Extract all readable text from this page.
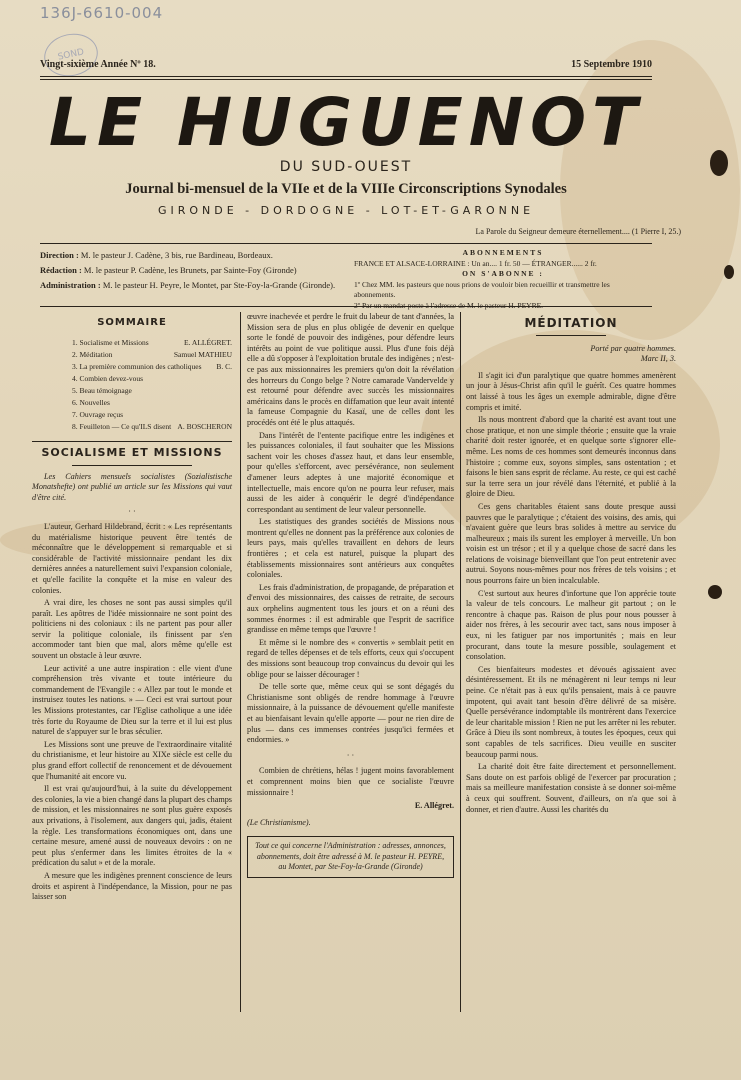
136J-6610-004
SOND
Vingt-sixième Année Nº 18.	15 Septembre 1910
LE HUGUENOT
DU SUD-OUEST
Journal bi-mensuel de la VIIe et de la VIIIe Circonscriptions Synodales
GIRONDE - DORDOGNE - LOT-ET-GARONNE
La Parole du Seigneur demeure éternellement.... (1 Pierre I, 25.)
Direction : M. le pasteur J. Cadène, 3 bis, rue Bardineau, Bordeaux.
Rédaction : M. le pasteur P. Cadène, les Brunets, par Sainte-Foy (Gironde)
Administration : M. le pasteur H. Peyre, le Montet, par Ste-Foy-la-Grande (Gironde).
ABONNEMENTS
FRANCE ET ALSACE-LORRAINE : Un an.... 1 fr. 50 — ÉTRANGER...... 2 fr.
ON S'ABONNE :
1º Chez MM. les pasteurs que nous prions de vouloir bien recueillir et transmettre les abonnements.
2º Par un mandat-poste à l'adresse de M. le pasteur H. PEYRE.
SOMMAIRE
1. Socialisme et Missions	E. ALLÉGRET.
2. Méditation	Samuel MATHIEU
3. La première communion des catholiques B. C.
4. Combien devez-vous
5. Beau témoignage
6. Nouvelles
7. Ouvrage reçus
8. Feuilleton — Ce qu'ILS disent A. BOSCHERON
SOCIALISME ET MISSIONS

Les Cahiers mensuels socialistes (Sozialistische Monatshefte) ont publié un article sur les Missions qui vaut d'être cité.

· ·

L'auteur, Gerhard Hildebrand, écrit : « Les représentants du matérialisme historique peuvent être tentés de méconnaître que le développement si remarquable et si considérable de l'activité missionnaire pendant les dix dernières années a naturellement suivi l'expansion coloniale, et qu'elle facilite la conquête et la mise en valeur des colonies.

A vrai dire, les choses ne sont pas aussi simples qu'il paraît. Les apôtres de l'idée missionnaire ne sont point des politiciens ni des coloniaux : ils ne partent pas pour aller servir la politique coloniale, ils finissent par s'en accommoder tant bien que mal, alors même qu'elle est souvent un obstacle à leur œuvre.

Leur activité a une autre inspiration : elle vient d'une compréhension très vivante et toute intérieure du commandement de l'Evangile : « Allez par tout le monde et instruisez toutes les nations. » — Ceci est vrai surtout pour les Missions protestantes, car l'Eglise catholique a une idée très forte du Royaume de Dieu sur la terre et il lui est plus naturel de s'appuyer sur le bras séculier.

Les Missions sont une preuve de l'extraordinaire vitalité du christianisme, et leur histoire au XIXe siècle est celle du plus grand effort collectif de renoncement et de dévouement que l'humanité ait encore vu.

Il est vrai qu'aujourd'hui, à la suite du développement des colonies, la vie a bien changé dans la plupart des champs de mission, et les missionnaires ne sont plus guère exposés aux privations, à l'isolement, aux dangers qui, jadis, étaient la règle. Les transformations économiques ont, dans une certaine mesure, amené aussi de nouveaux devoirs : on ne peut plus s'enfermer dans les limites étroites de la « prédication du salut » et de la morale.

A mesure que les indigènes prennent conscience de leurs droits et aspirent à l'indépendance, la Mission, pour ne pas laisser son

œuvre inachevée et perdre le fruit du labeur de tant d'années, la Mission sera de plus en plus obligée de devenir en quelque sorte le fondé de pouvoir des indigènes, pour défendre leurs intérêts au point de vue politique aussi. Plus d'une fois déjà elle a dû s'opposer à l'exploitation brutale des indigènes ; n'est-ce pas aux missionnaires les premiers qu'on doit la révélation des horreurs du Congo belge ? Notre camarade Vandervelde y est retourné pour défendre avec succès les missionnaires américains dans le procès en diffamation que leur avait intenté la fameuse Compagnie du Kasaï, une de celles dont les procédés ont été le plus attaqués.

Dans l'intérêt de l'entente pacifique entre les indigènes et les puissances coloniales, il faut souhaiter que les Missions sachent voir les choses d'assez haut, et dans leur ensemble, pour qu'elles s'efforcent, avec persévérance, non seulement d'amener leurs adeptes à une majorité économique et intellectuelle, mais encore qu'on ne pourra leur refuser, mais aussi de les aider à conquérir le degré d'indépendance correspondant au sentiment de leur valeur personnelle.

Les statistiques des grandes sociétés de Missions nous montrent qu'elles ne donnent pas la préférence aux colonies de leurs pays, mais qu'elles travaillent en dehors de leurs frontières ; et cela est naturel, puisque la plupart des établissements missionnaires sont antérieurs aux conquêtes coloniales.

Les frais d'administration, de propagande, de préparation et d'envoi des missionnaires, des caisses de retraite, de secours aux orphelins augmentent tous les jours et on a réuni des sommes énormes : il est admirable que l'esprit de sacrifice grandisse en même temps que l'œuvre !

Et même si le nombre des « convertis » semblait petit en regard de telles dépenses et de tels efforts, ceux qui s'occupent des missions sont beaucoup trop convaincus du devoir qui les oblige pour se laisser décourager !

De telle sorte que, même ceux qui se sont dégagés du Christianisme sont obligés de rendre hommage à l'œuvre missionnaire, à la puissance de dévouement qu'elle manifeste et au bienfaisant levain qu'elle apporte — pour ne rien dire de plus — dans ces immenses contrées jusqu'ici fermées et endormies. »

· ·

Combien de chrétiens, hélas ! jugent moins favorablement et comprennent moins bien que ce socialiste l'œuvre missionnaire !

E. Allégret.
(Le Christianisme).
Tout ce qui concerne l'Administration : adresses, annonces, abonnements, doit être adressé à M. le pasteur H. PEYRE, au Montet, par Ste-Foy-la-Grande (Gironde)
MÉDITATION
Porté par quatre hommes.
Marc II, 3.

Il s'agit ici d'un paralytique que quatre hommes amenèrent un jour à Jésus-Christ afin qu'il le guérît. Ces quatre hommes ont laissé à tous les âges un exemple admirable, digne d'être compris et imité.

Ils nous montrent d'abord que la charité est avant tout une chose pratique, et non une simple théorie ; ensuite que la vraie charité doit rester ignorée, et en quelque sorte s'ignorer elle-même. Les noms de ces hommes sont demeurés inconnus dans l'histoire ; comme eux, soyons simples, sans ostentation ; et faisons le bien sans esprit de réclame. Au reste, ce qui est caché sur la terre sera un jour révélé dans l'éternité, et publié à la gloire de Dieu.

Ces gens charitables étaient sans doute presque aussi pauvres que le paralytique ; c'étaient des voisins, des amis, qui n'avaient guère que leurs bras solides à mettre au service du malheureux ; mais ils surent les employer à merveille. Un bon voisin est un trésor ; et il y a quelque chose de sacré dans les relations de voisinage bienveillant que l'on peut entretenir avec autrui. Soyons nous-mêmes pour nos frères de tels voisins ; et nous pourrons faire un bien incalculable.

C'est surtout aux heures d'infortune que l'on apprécie toute la valeur de tels concours. Le malheur git partout ; on le rencontre à chaque pas. Raison de plus pour nous pousser à aider nos frères, à les secourir avec tact, sans nous imposer à eux, ni les fatiguer par nos importunités ; mais en leur procurant, dans toute la mesure possible, soulagement et consolation.

Ces bienfaiteurs modestes et dévoués agissaient avec désintéressement. Et ils ne ménagèrent ni leur temps ni leur peine. Ce n'était pas à eux qu'ils pensaient, mais à ce pauvre impotent, qui avait tant besoin d'être délivré de sa misère. Quelle persévérance indomptable ils montrèrent dans l'exercice de leur charitable mission ! Rien ne put les arrêter ni les rebuter. Grâce à Dieu ils sont nombreux, à toutes les époques, ceux qui sont capables de tels sacrifices. Dieu veuille en susciter beaucoup parmi nous.

La charité doit être faite directement et personnellement. Sans doute on est parfois obligé de l'exercer par procuration ; mais sa meilleure manifestation consiste à se donner soi-même à ceux qui souffrent. Souvent, d'ailleurs, on n'a que soi à donner, et rien d'autre. Aussi les charités du
